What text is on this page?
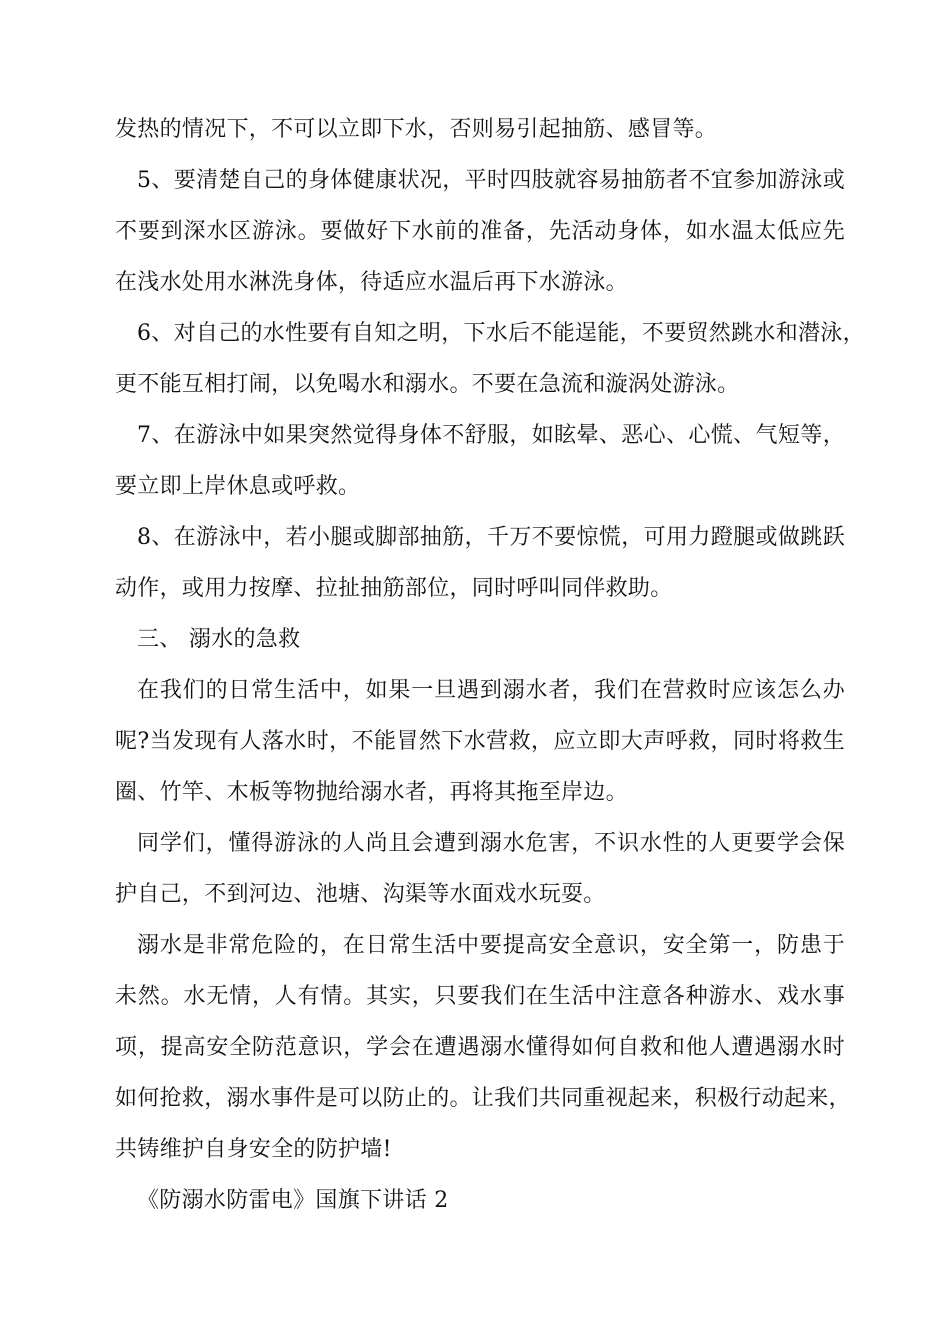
发热的情况下，不可以立即下水，否则易引起抽筋、感冒等。
5、要清楚自己的身体健康状况，平时四肢就容易抽筋者不宜参加游泳或
不要到深水区游泳。要做好下水前的准备，先活动身体，如水温太低应先
在浅水处用水淋洗身体，待适应水温后再下水游泳。
6、对自己的水性要有自知之明，下水后不能逞能，不要贸然跳水和潜泳，
更不能互相打闹，以免喝水和溺水。不要在急流和漩涡处游泳。
7、在游泳中如果突然觉得身体不舒服，如眩晕、恶心、心慌、气短等，
要立即上岸休息或呼救。
8、在游泳中，若小腿或脚部抽筋，千万不要惊慌，可用力蹬腿或做跳跃
动作，或用力按摩、拉扯抽筋部位，同时呼叫同伴救助。
三、 溺水的急救
在我们的日常生活中，如果一旦遇到溺水者，我们在营救时应该怎么办
呢?当发现有人落水时，不能冒然下水营救，应立即大声呼救，同时将救生
圈、竹竿、木板等物抛给溺水者，再将其拖至岸边。
同学们，懂得游泳的人尚且会遭到溺水危害，不识水性的人更要学会保
护自己，不到河边、池塘、沟渠等水面戏水玩耍。
溺水是非常危险的，在日常生活中要提高安全意识，安全第一，防患于
未然。水无情，人有情。其实，只要我们在生活中注意各种游水、戏水事
项，提高安全防范意识，学会在遭遇溺水懂得如何自救和他人遭遇溺水时
如何抢救，溺水事件是可以防止的。让我们共同重视起来，积极行动起来，
共铸维护自身安全的防护墙!
《防溺水防雷电》国旗下讲话 2
